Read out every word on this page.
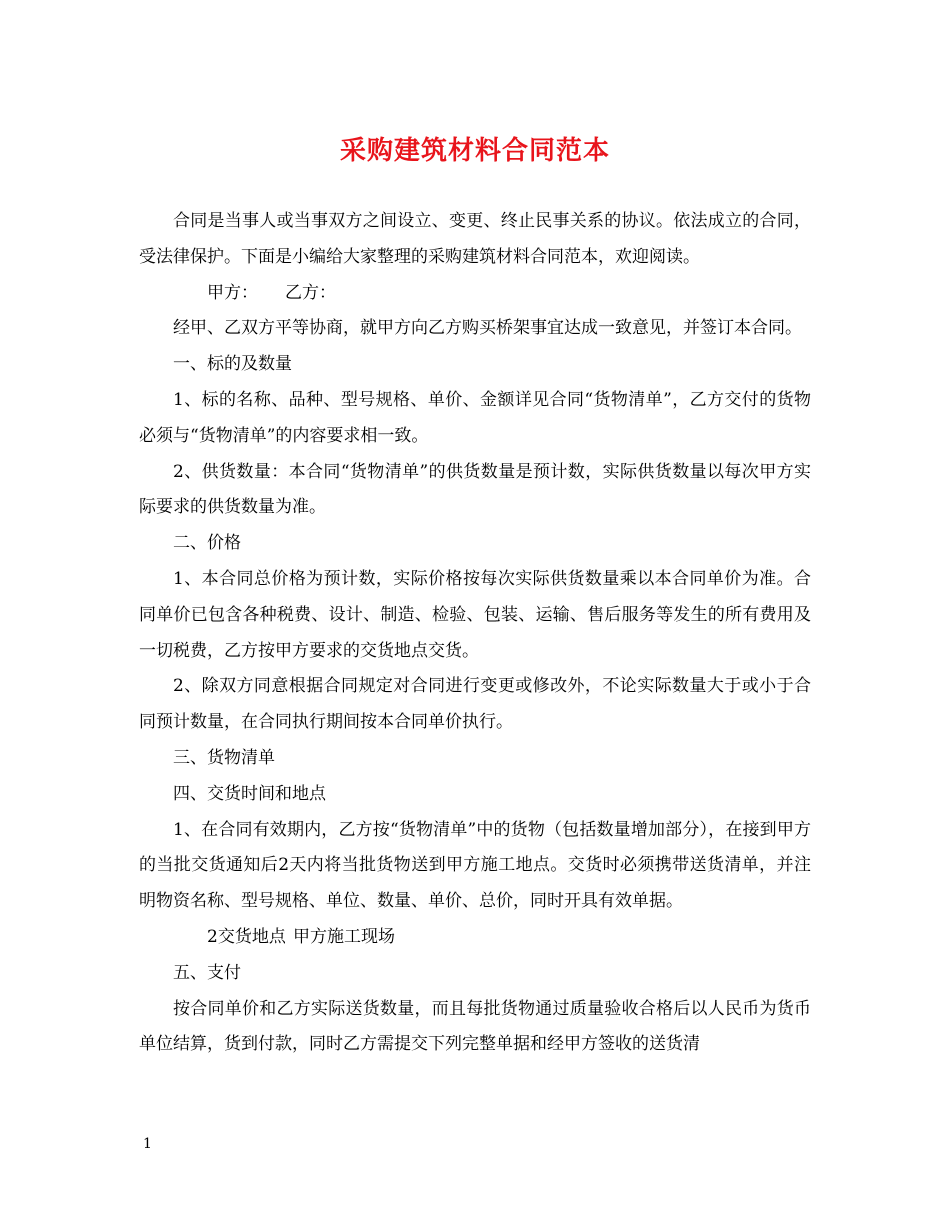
采购建筑材料合同范本

合同是当事人或当事双方之间设立、变更、终止民事关系的协议。依法成立的合同，受法律保护。下面是小编给大家整理的采购建筑材料合同范本，欢迎阅读。

甲方： 乙方：

经甲、乙双方平等协商，就甲方向乙方购买桥架事宜达成一致意见，并签订本合同。

一、标的及数量

1、标的名称、品种、型号规格、单价、金额详见合同“货物清单”，乙方交付的货物必须与“货物清单”的内容要求相一致。

2、供货数量：本合同“货物清单”的供货数量是预计数，实际供货数量以每次甲方实际要求的供货数量为准。

二、价格

1、本合同总价格为预计数，实际价格按每次实际供货数量乘以本合同单价为准。合同单价已包含各种税费、设计、制造、检验、包装、运输、售后服务等发生的所有费用及一切税费，乙方按甲方要求的交货地点交货。

2、除双方同意根据合同规定对合同进行变更或修改外，不论实际数量大于或小于合同预计数量，在合同执行期间按本合同单价执行。

三、货物清单

四、交货时间和地点

1、在合同有效期内，乙方按“货物清单”中的货物（包括数量增加部分），在接到甲方的当批交货通知后2天内将当批货物送到甲方施工地点。交货时必须携带送货清单，并注明物资名称、型号规格、单位、数量、单价、总价，同时开具有效单据。

2交货地点 甲方施工现场

五、支付

按合同单价和乙方实际送货数量，而且每批货物通过质量验收合格后以人民币为货币单位结算，货到付款，同时乙方需提交下列完整单据和经甲方签收的送货清

1
